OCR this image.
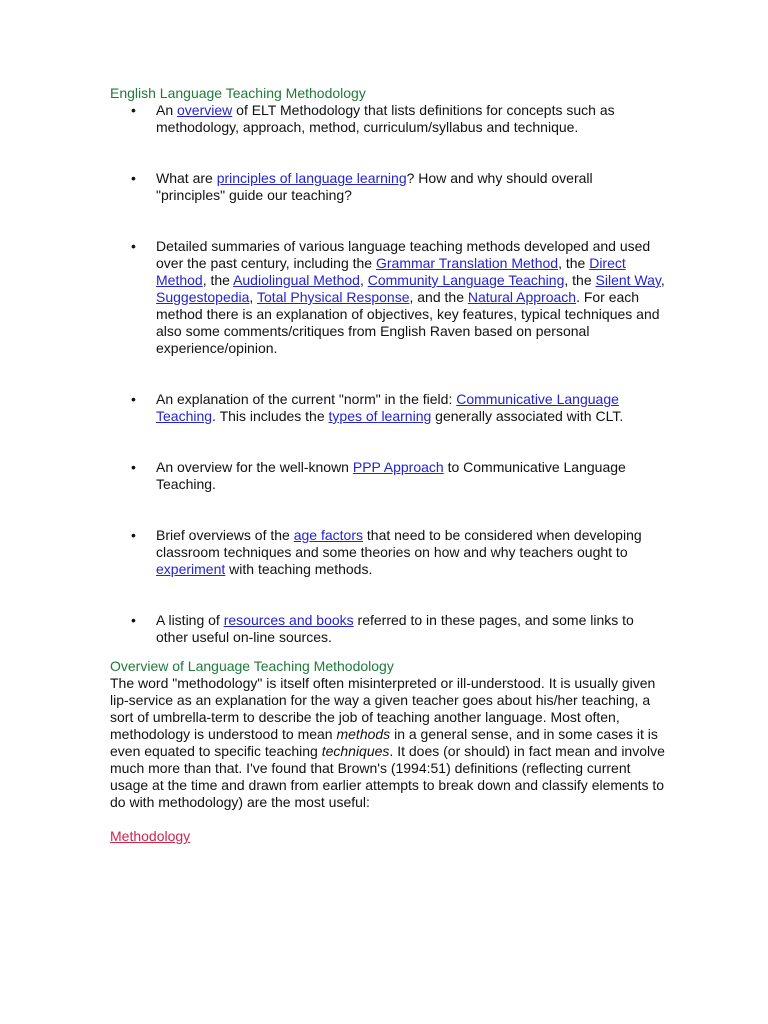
English Language Teaching Methodology
• An overview of ELT Methodology that lists definitions for concepts such as methodology, approach, method, curriculum/syllabus and technique.
• What are principles of language learning? How and why should overall "principles" guide our teaching?
• Detailed summaries of various language teaching methods developed and used over the past century, including the Grammar Translation Method, the Direct Method, the Audiolingual Method, Community Language Teaching, the Silent Way, Suggestopedia, Total Physical Response, and the Natural Approach. For each method there is an explanation of objectives, key features, typical techniques and also some comments/critiques from English Raven based on personal experience/opinion.
• An explanation of the current "norm" in the field: Communicative Language Teaching. This includes the types of learning generally associated with CLT.
• An overview for the well-known PPP Approach to Communicative Language Teaching.
• Brief overviews of the age factors that need to be considered when developing classroom techniques and some theories on how and why teachers ought to experiment with teaching methods.
• A listing of resources and books referred to in these pages, and some links to other useful on-line sources.
Overview of Language Teaching Methodology

The word "methodology" is itself often misinterpreted or ill-understood. It is usually given lip-service as an explanation for the way a given teacher goes about his/her teaching, a sort of umbrella-term to describe the job of teaching another language. Most often, methodology is understood to mean methods in a general sense, and in some cases it is even equated to specific teaching techniques. It does (or should) in fact mean and involve much more than that. I've found that Brown's (1994:51) definitions (reflecting current usage at the time and drawn from earlier attempts to break down and classify elements to do with methodology) are the most useful:

Methodology
